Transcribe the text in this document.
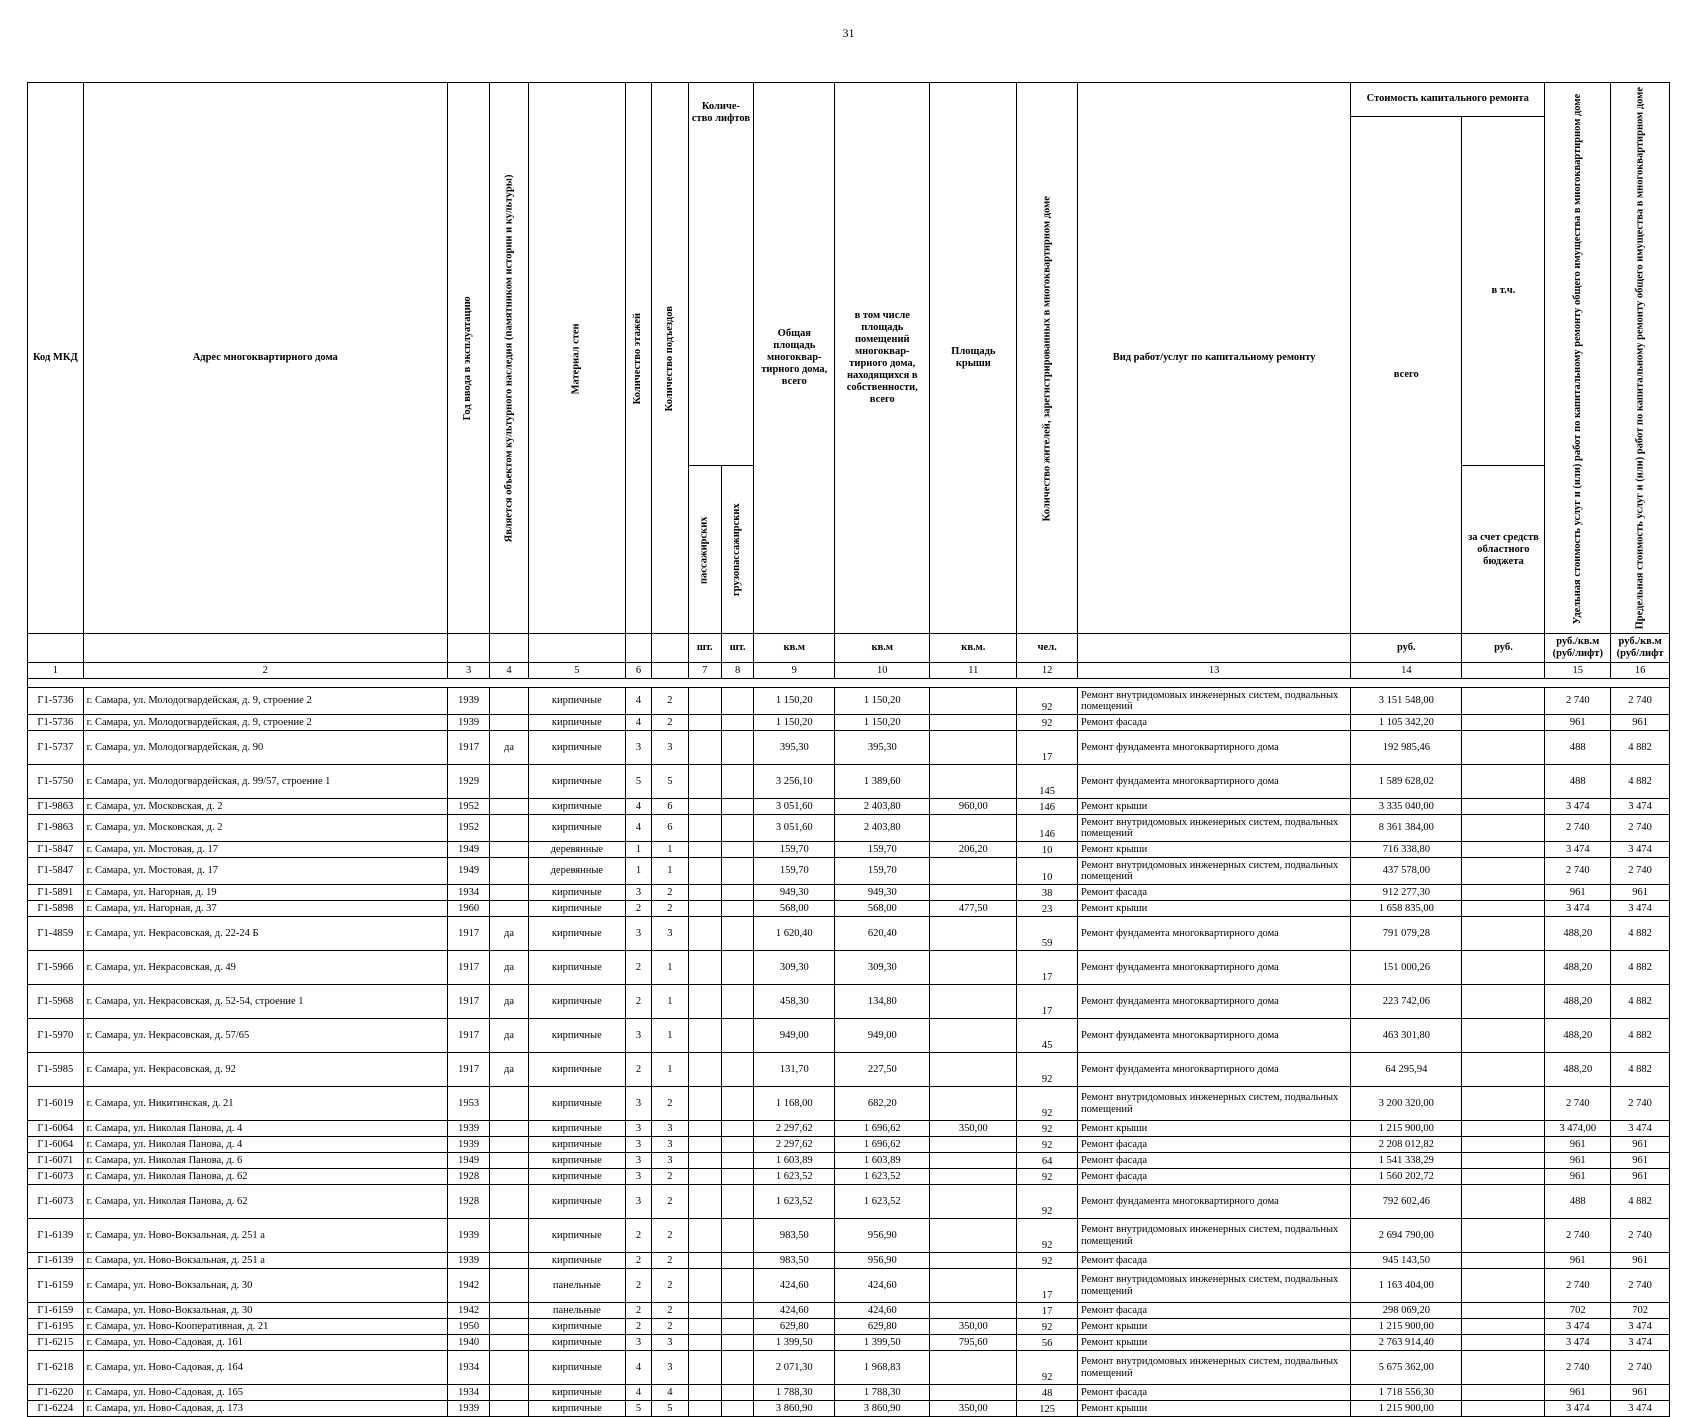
31
Код МКД	Адрес многоквартирного дома	Год ввода в эксплуатацию	Является объектом культурного наследия (памятником истории и культуры)	Материал стен	Количество этажей	Количество подъездов	Количе-ство лифтов		Общая площадь многоквар-тирного дома, всего	в том числе площадь помещений многоквар-тирного дома, находящихся в собственности, всего	Площадь крыши	Количество жителей, зарегистрированных в многоквартирном доме	Вид работ/услуг по капитальному ремонту	Стоимость капитального ремонта		Удельная стоимость услуг и (или) работ по капитальному ремонту общего имущества в многоквартирном доме	Предельная стоимость услуг и (или) работ по капитальному ремонту общего имущества в многоквартирном доме
														всего	в т.ч.		
							пассажирских	грузопассажирских							за счет средств областного бюджета		
							шт.	шт.	кв.м	кв.м	кв.м.	чел.		руб.	руб.	руб./кв.м (руб/лифт)	руб./кв.м (руб/лифт
1	2	3	4	5	6		7	8	9	10	11	12	13	14		15	16

Г1-5736	г. Самара, ул. Молодогвардейская, д. 9, строение 2	1939		кирпичные	4	2			1 150,20	1 150,20		92	Ремонт внутридомовых инженерных систем, подвальных помещений	3 151 548,00		2 740	2 740
Г1-5736	г. Самара, ул. Молодогвардейская, д. 9, строение 2	1939		кирпичные	4	2			1 150,20	1 150,20		92	Ремонт фасада	1 105 342,20		961	961
Г1-5737	г. Самара, ул. Молодогвардейская, д. 90	1917	да	кирпичные	3	3			395,30	395,30		17	Ремонт фундамента многоквартирного дома	192 985,46		488	4 882
Г1-5750	г. Самара, ул. Молодогвардейская, д. 99/57, строение 1	1929		кирпичные	5	5			3 256,10	1 389,60		145	Ремонт фундамента многоквартирного дома	1 589 628,02		488	4 882
Г1-9863	г. Самара, ул. Московская, д. 2	1952		кирпичные	4	6			3 051,60	2 403,80	960,00	146	Ремонт крыши	3 335 040,00		3 474	3 474
Г1-9863	г. Самара, ул. Московская, д. 2	1952		кирпичные	4	6			3 051,60	2 403,80		146	Ремонт внутридомовых инженерных систем, подвальных помещений	8 361 384,00		2 740	2 740
Г1-5847	г. Самара, ул. Мостовая, д. 17	1949		деревянные	1	1			159,70	159,70	206,20	10	Ремонт крыши	716 338,80		3 474	3 474
Г1-5847	г. Самара, ул. Мостовая, д. 17	1949		деревянные	1	1			159,70	159,70		10	Ремонт внутридомовых инженерных систем, подвальных помещений	437 578,00		2 740	2 740
Г1-5891	г. Самара, ул. Нагорная, д. 19	1934		кирпичные	3	2			949,30	949,30		38	Ремонт фасада	912 277,30		961	961
Г1-5898	г. Самара, ул. Нагорная, д. 37	1960		кирпичные	2	2			568,00	568,00	477,50	23	Ремонт крыши	1 658 835,00		3 474	3 474
Г1-4859	г. Самара, ул. Некрасовская, д. 22-24 Б	1917	да	кирпичные	3	3			1 620,40	620,40		59	Ремонт фундамента многоквартирного дома	791 079,28		488,20	4 882
Г1-5966	г. Самара, ул. Некрасовская, д. 49	1917	да	кирпичные	2	1			309,30	309,30		17	Ремонт фундамента многоквартирного дома	151 000,26		488,20	4 882
Г1-5968	г. Самара, ул. Некрасовская, д. 52-54, строение 1	1917	да	кирпичные	2	1			458,30	134,80		17	Ремонт фундамента многоквартирного дома	223 742,06		488,20	4 882
Г1-5970	г. Самара, ул. Некрасовская, д. 57/65	1917	да	кирпичные	3	1			949,00	949,00		45	Ремонт фундамента многоквартирного дома	463 301,80		488,20	4 882
Г1-5985	г. Самара, ул. Некрасовская, д. 92	1917	да	кирпичные	2	1			131,70	227,50		92	Ремонт фундамента многоквартирного дома	64 295,94		488,20	4 882
Г1-6019	г. Самара, ул. Никитинская, д. 21	1953		кирпичные	3	2			1 168,00	682,20		92	Ремонт внутридомовых инженерных систем, подвальных помещений	3 200 320,00		2 740	2 740
Г1-6064	г. Самара, ул. Николая Панова, д. 4	1939		кирпичные	3	3			2 297,62	1 696,62	350,00	92	Ремонт крыши	1 215 900,00		3 474,00	3 474
Г1-6064	г. Самара, ул. Николая Панова, д. 4	1939		кирпичные	3	3			2 297,62	1 696,62		92	Ремонт фасада	2 208 012,82		961	961
Г1-6071	г. Самара, ул. Николая Панова, д. 6	1949		кирпичные	3	3			1 603,89	1 603,89		64	Ремонт фасада	1 541 338,29		961	961
Г1-6073	г. Самара, ул. Николая Панова, д. 62	1928		кирпичные	3	2			1 623,52	1 623,52		92	Ремонт фасада	1 560 202,72		961	961
Г1-6073	г. Самара, ул. Николая Панова, д. 62	1928		кирпичные	3	2			1 623,52	1 623,52		92	Ремонт фундамента многоквартирного дома	792 602,46		488	4 882
Г1-6139	г. Самара, ул. Ново-Вокзальная, д. 251 а	1939		кирпичные	2	2			983,50	956,90		92	Ремонт внутридомовых инженерных систем, подвальных помещений	2 694 790,00		2 740	2 740
Г1-6139	г. Самара, ул. Ново-Вокзальная, д. 251 а	1939		кирпичные	2	2			983,50	956,90		92	Ремонт фасада	945 143,50		961	961
Г1-6159	г. Самара, ул. Ново-Вокзальная, д. 30	1942		панельные	2	2			424,60	424,60		17	Ремонт внутридомовых инженерных систем, подвальных помещений	1 163 404,00		2 740	2 740
Г1-6159	г. Самара, ул. Ново-Вокзальная, д. 30	1942		панельные	2	2			424,60	424,60		17	Ремонт фасада	298 069,20		702	702
Г1-6195	г. Самара, ул. Ново-Кооперативная, д. 21	1950		кирпичные	2	2			629,80	629,80	350,00	92	Ремонт крыши	1 215 900,00		3 474	3 474
Г1-6215	г. Самара, ул. Ново-Садовая, д. 161	1940		кирпичные	3	3			1 399,50	1 399,50	795,60	56	Ремонт крыши	2 763 914,40		3 474	3 474
Г1-6218	г. Самара, ул. Ново-Садовая, д. 164	1934		кирпичные	4	3			2 071,30	1 968,83		92	Ремонт внутридомовых инженерных систем, подвальных помещений	5 675 362,00		2 740	2 740
Г1-6220	г. Самара, ул. Ново-Садовая, д. 165	1934		кирпичные	4	4			1 788,30	1 788,30		48	Ремонт фасада	1 718 556,30		961	961
Г1-6224	г. Самара, ул. Ново-Садовая, д. 173	1939		кирпичные	5	5			3 860,90	3 860,90	350,00	125	Ремонт крыши	1 215 900,00		3 474	3 474
